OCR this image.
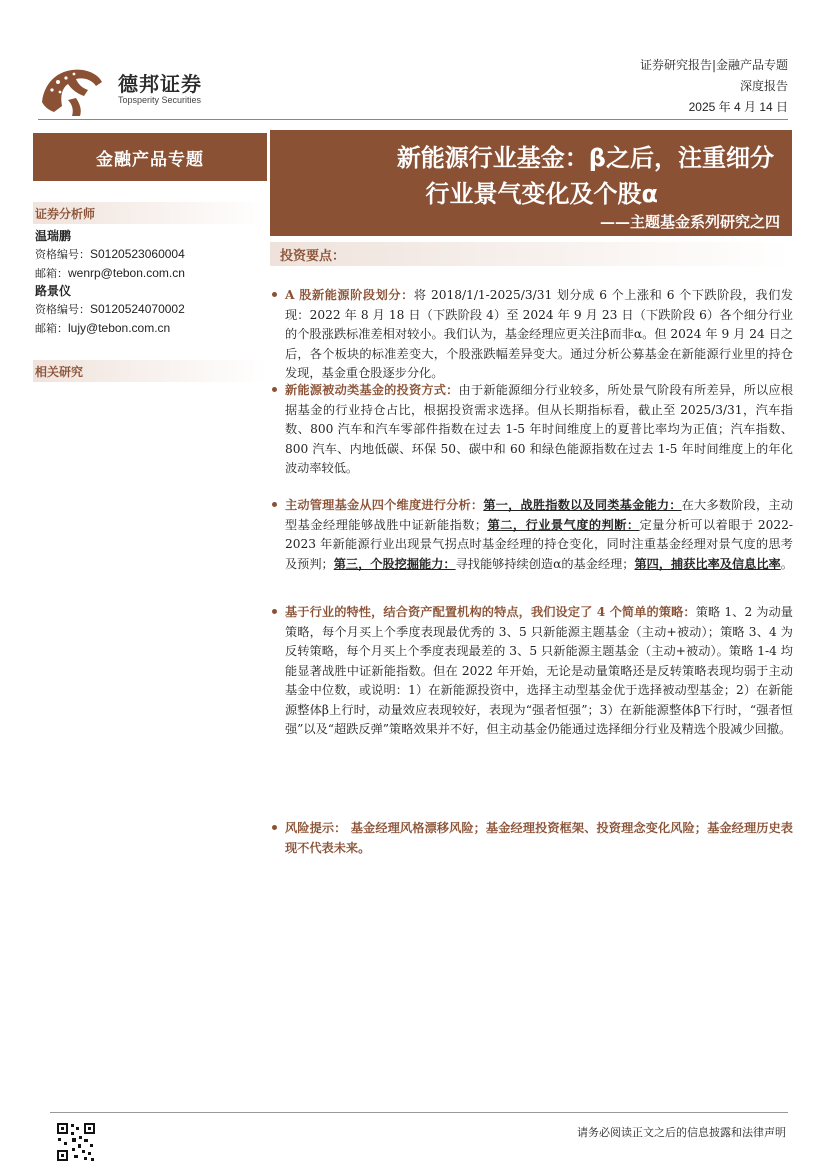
德邦证券
Topsperity Securities
证券研究报告|金融产品专题
深度报告
2025 年 4 月 14 日
金融产品专题
证券分析师
温瑞鹏
资格编号：S0120523060004
邮箱：wenrp@tebon.com.cn
路景仪
资格编号：S0120524070002
邮箱：lujy@tebon.com.cn
相关研究
新能源行业基金：β之后，注重细分
行业景气变化及个股α
——主题基金系列研究之四
投资要点：
A 股新能源阶段划分：将 2018/1/1-2025/3/31 划分成 6 个上涨和 6 个下跌阶段，我们发现：2022 年 8 月 18 日（下跌阶段 4）至 2024 年 9 月 23 日（下跌阶段 6）各个细分行业的个股涨跌标准差相对较小。我们认为，基金经理应更关注β而非α。但 2024 年 9 月 24 日之后，各个板块的标准差变大，个股涨跌幅差异变大。通过分析公募基金在新能源行业里的持仓发现，基金重仓股逐步分化。
新能源被动类基金的投资方式：由于新能源细分行业较多，所处景气阶段有所差异，所以应根据基金的行业持仓占比，根据投资需求选择。但从长期指标看，截止至 2025/3/31，汽车指数、800 汽车和汽车零部件指数在过去 1-5 年时间维度上的夏普比率均为正值；汽车指数、800 汽车、内地低碳、环保 50、碳中和 60 和绿色能源指数在过去 1-5 年时间维度上的年化波动率较低。
主动管理基金从四个维度进行分析：第一，战胜指数以及同类基金能力：在大多数阶段，主动型基金经理能够战胜中证新能指数；第二，行业景气度的判断：定量分析可以着眼于 2022-2023 年新能源行业出现景气拐点时基金经理的持仓变化，同时注重基金经理对景气度的思考及预判；第三，个股挖掘能力：寻找能够持续创造α的基金经理；第四，捕获比率及信息比率。
基于行业的特性，结合资产配置机构的特点，我们设定了 4 个简单的策略：策略 1、2 为动量策略，每个月买上个季度表现最优秀的 3、5 只新能源主题基金（主动+被动）；策略 3、4 为反转策略，每个月买上个季度表现最差的 3、5 只新能源主题基金（主动+被动）。策略 1-4 均能显著战胜中证新能指数。但在 2022 年开始，无论是动量策略还是反转策略表现均弱于主动基金中位数，或说明：1）在新能源投资中，选择主动型基金优于选择被动型基金；2）在新能源整体β上行时，动量效应表现较好，表现为“强者恒强”；3）在新能源整体β下行时，“强者恒强”以及“超跌反弹”策略效果并不好，但主动基金仍能通过选择细分行业及精选个股减少回撤。
风险提示： 基金经理风格漂移风险；基金经理投资框架、投资理念变化风险；基金经理历史表现不代表未来。
请务必阅读正文之后的信息披露和法律声明
